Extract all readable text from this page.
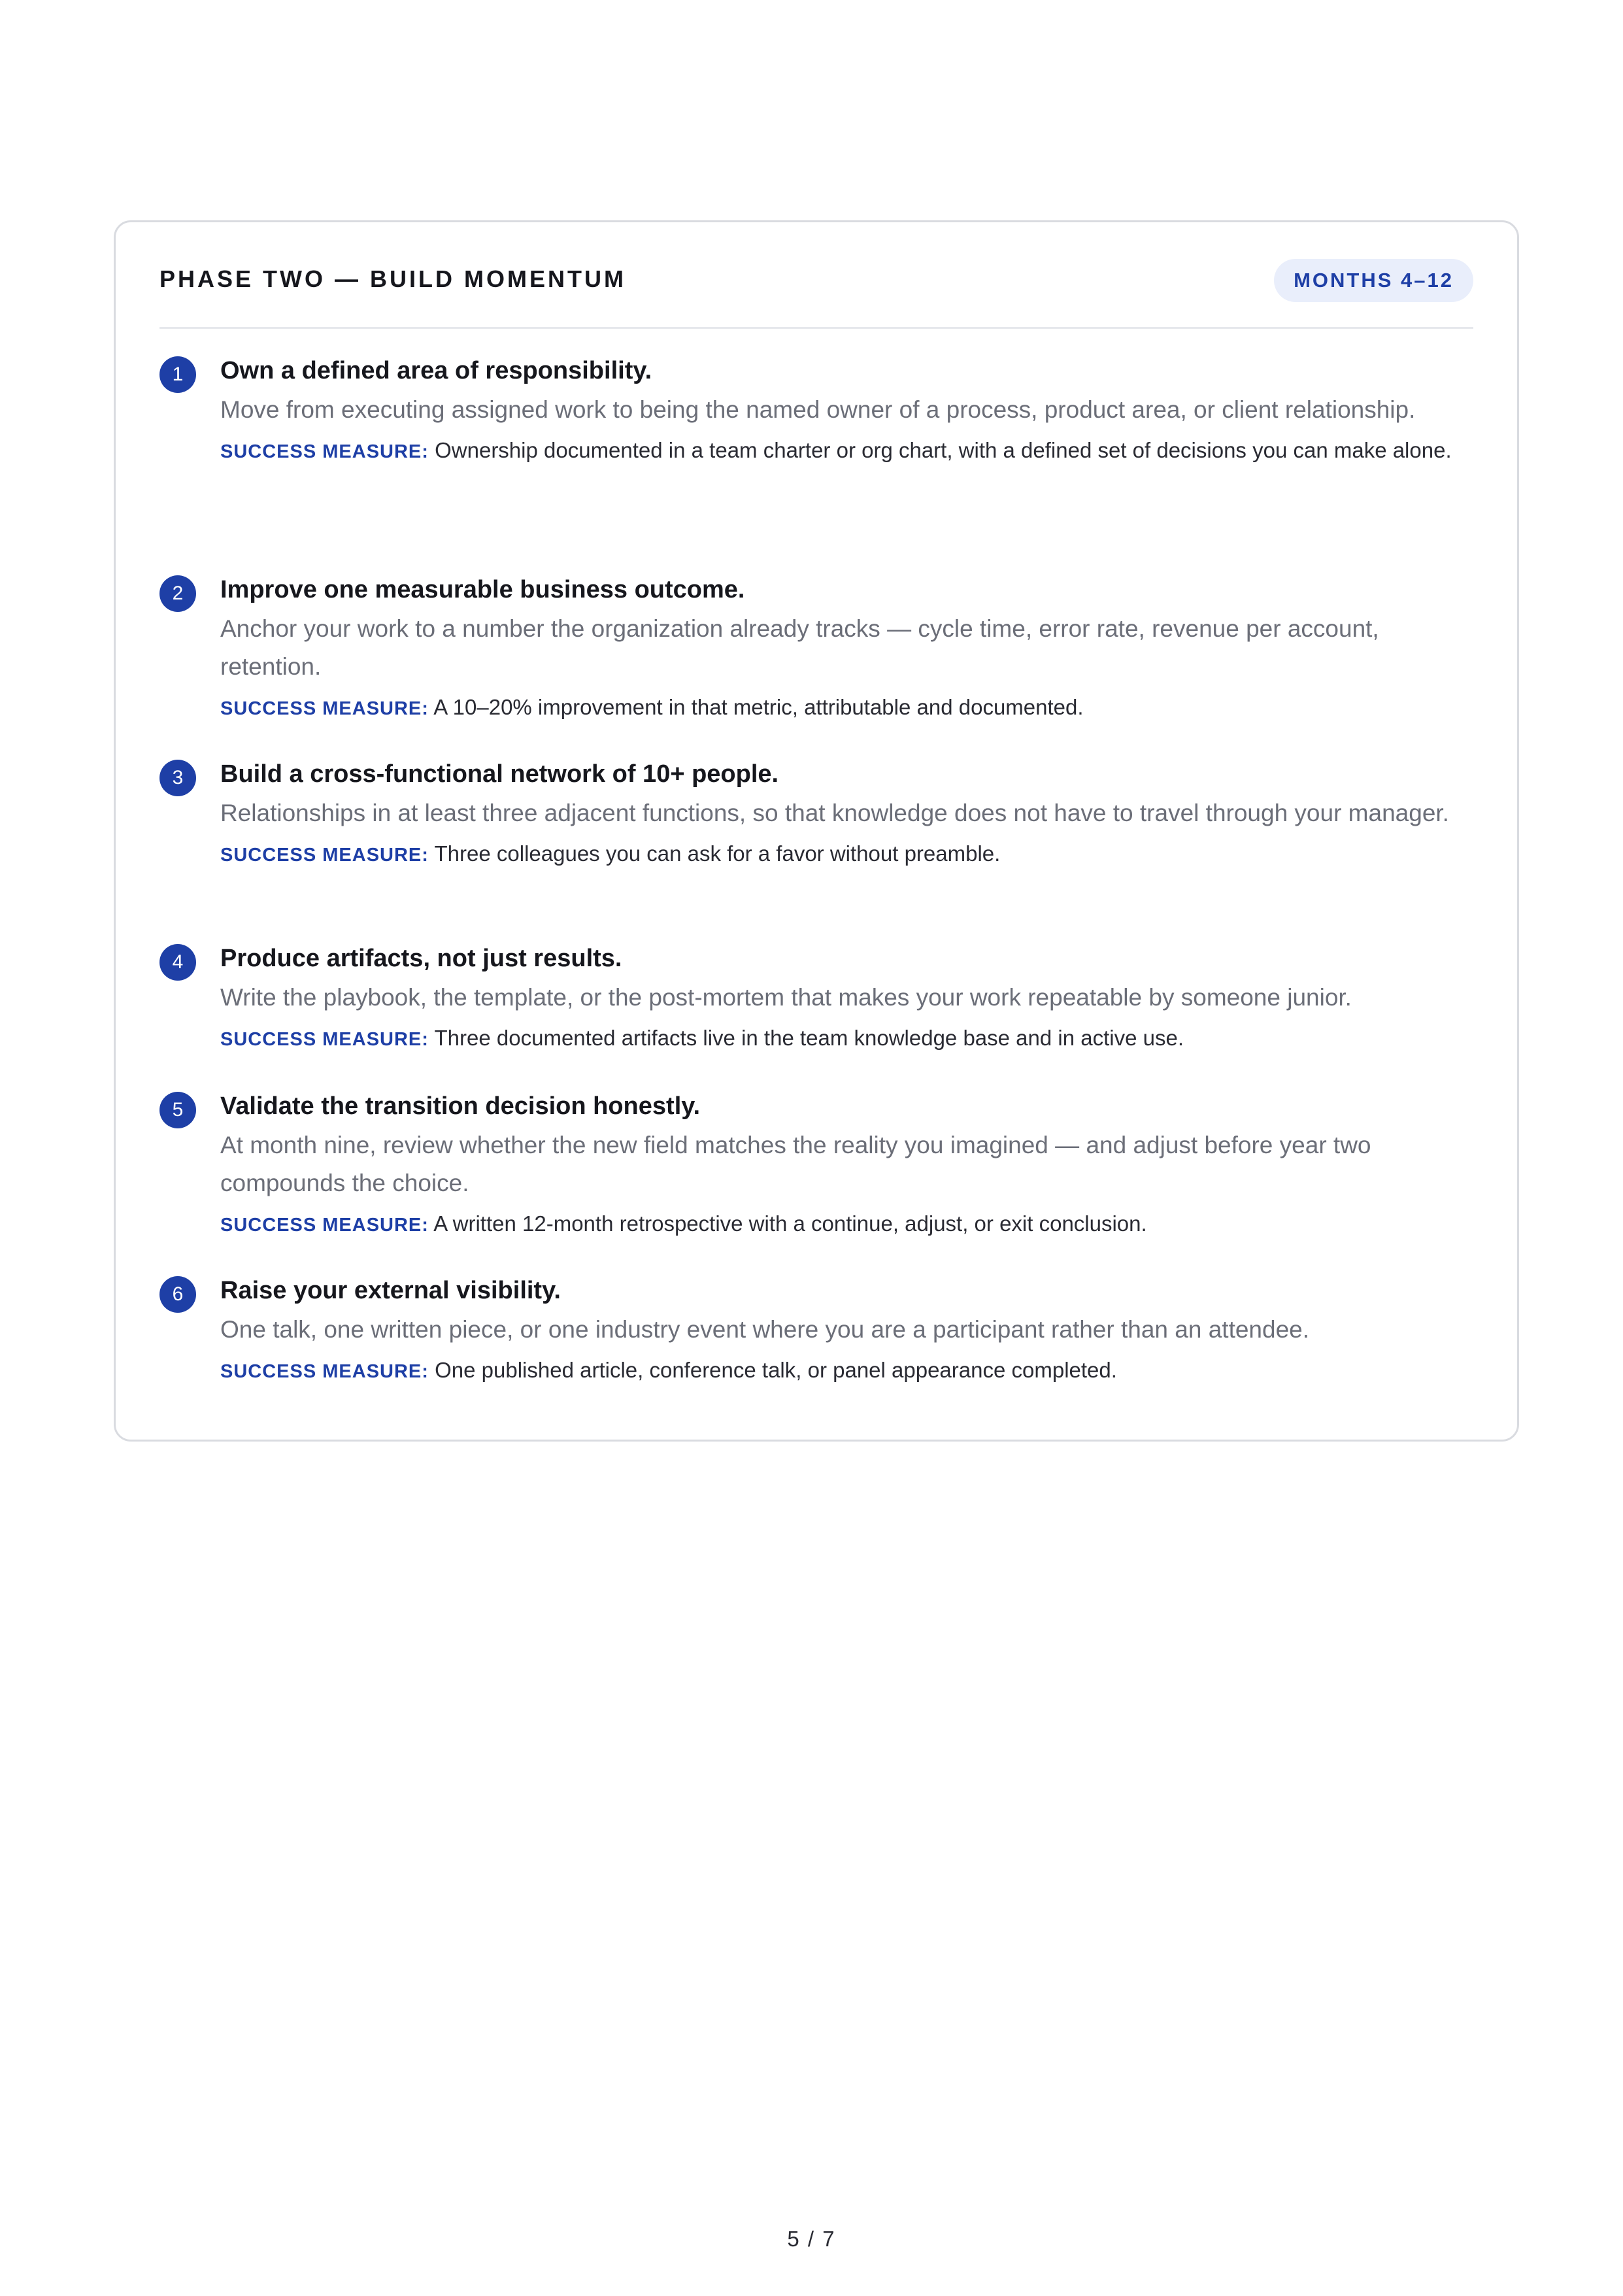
PHASE TWO — BUILD MOMENTUM	MONTHS 4–12
1	Own a defined area of responsibility.
Move from executing assigned work to being the named owner of a process, product area, or client relationship.
SUCCESS MEASURE: Ownership documented in a team charter or org chart, with a defined set of decisions you can make alone.
2	Improve one measurable business outcome.
Anchor your work to a number the organization already tracks — cycle time, error rate, revenue per account, retention.
SUCCESS MEASURE: A 10–20% improvement in that metric, attributable and documented.
3	Build a cross-functional network of 10+ people.
Relationships in at least three adjacent functions, so that knowledge does not have to travel through your manager.
SUCCESS MEASURE: Three colleagues you can ask for a favor without preamble.
4	Produce artifacts, not just results.
Write the playbook, the template, or the post-mortem that makes your work repeatable by someone junior.
SUCCESS MEASURE: Three documented artifacts live in the team knowledge base and in active use.
5	Validate the transition decision honestly.
At month nine, review whether the new field matches the reality you imagined — and adjust before year two compounds the choice.
SUCCESS MEASURE: A written 12-month retrospective with a continue, adjust, or exit conclusion.
6	Raise your external visibility.
One talk, one written piece, or one industry event where you are a participant rather than an attendee.
SUCCESS MEASURE: One published article, conference talk, or panel appearance completed.
5 / 7
